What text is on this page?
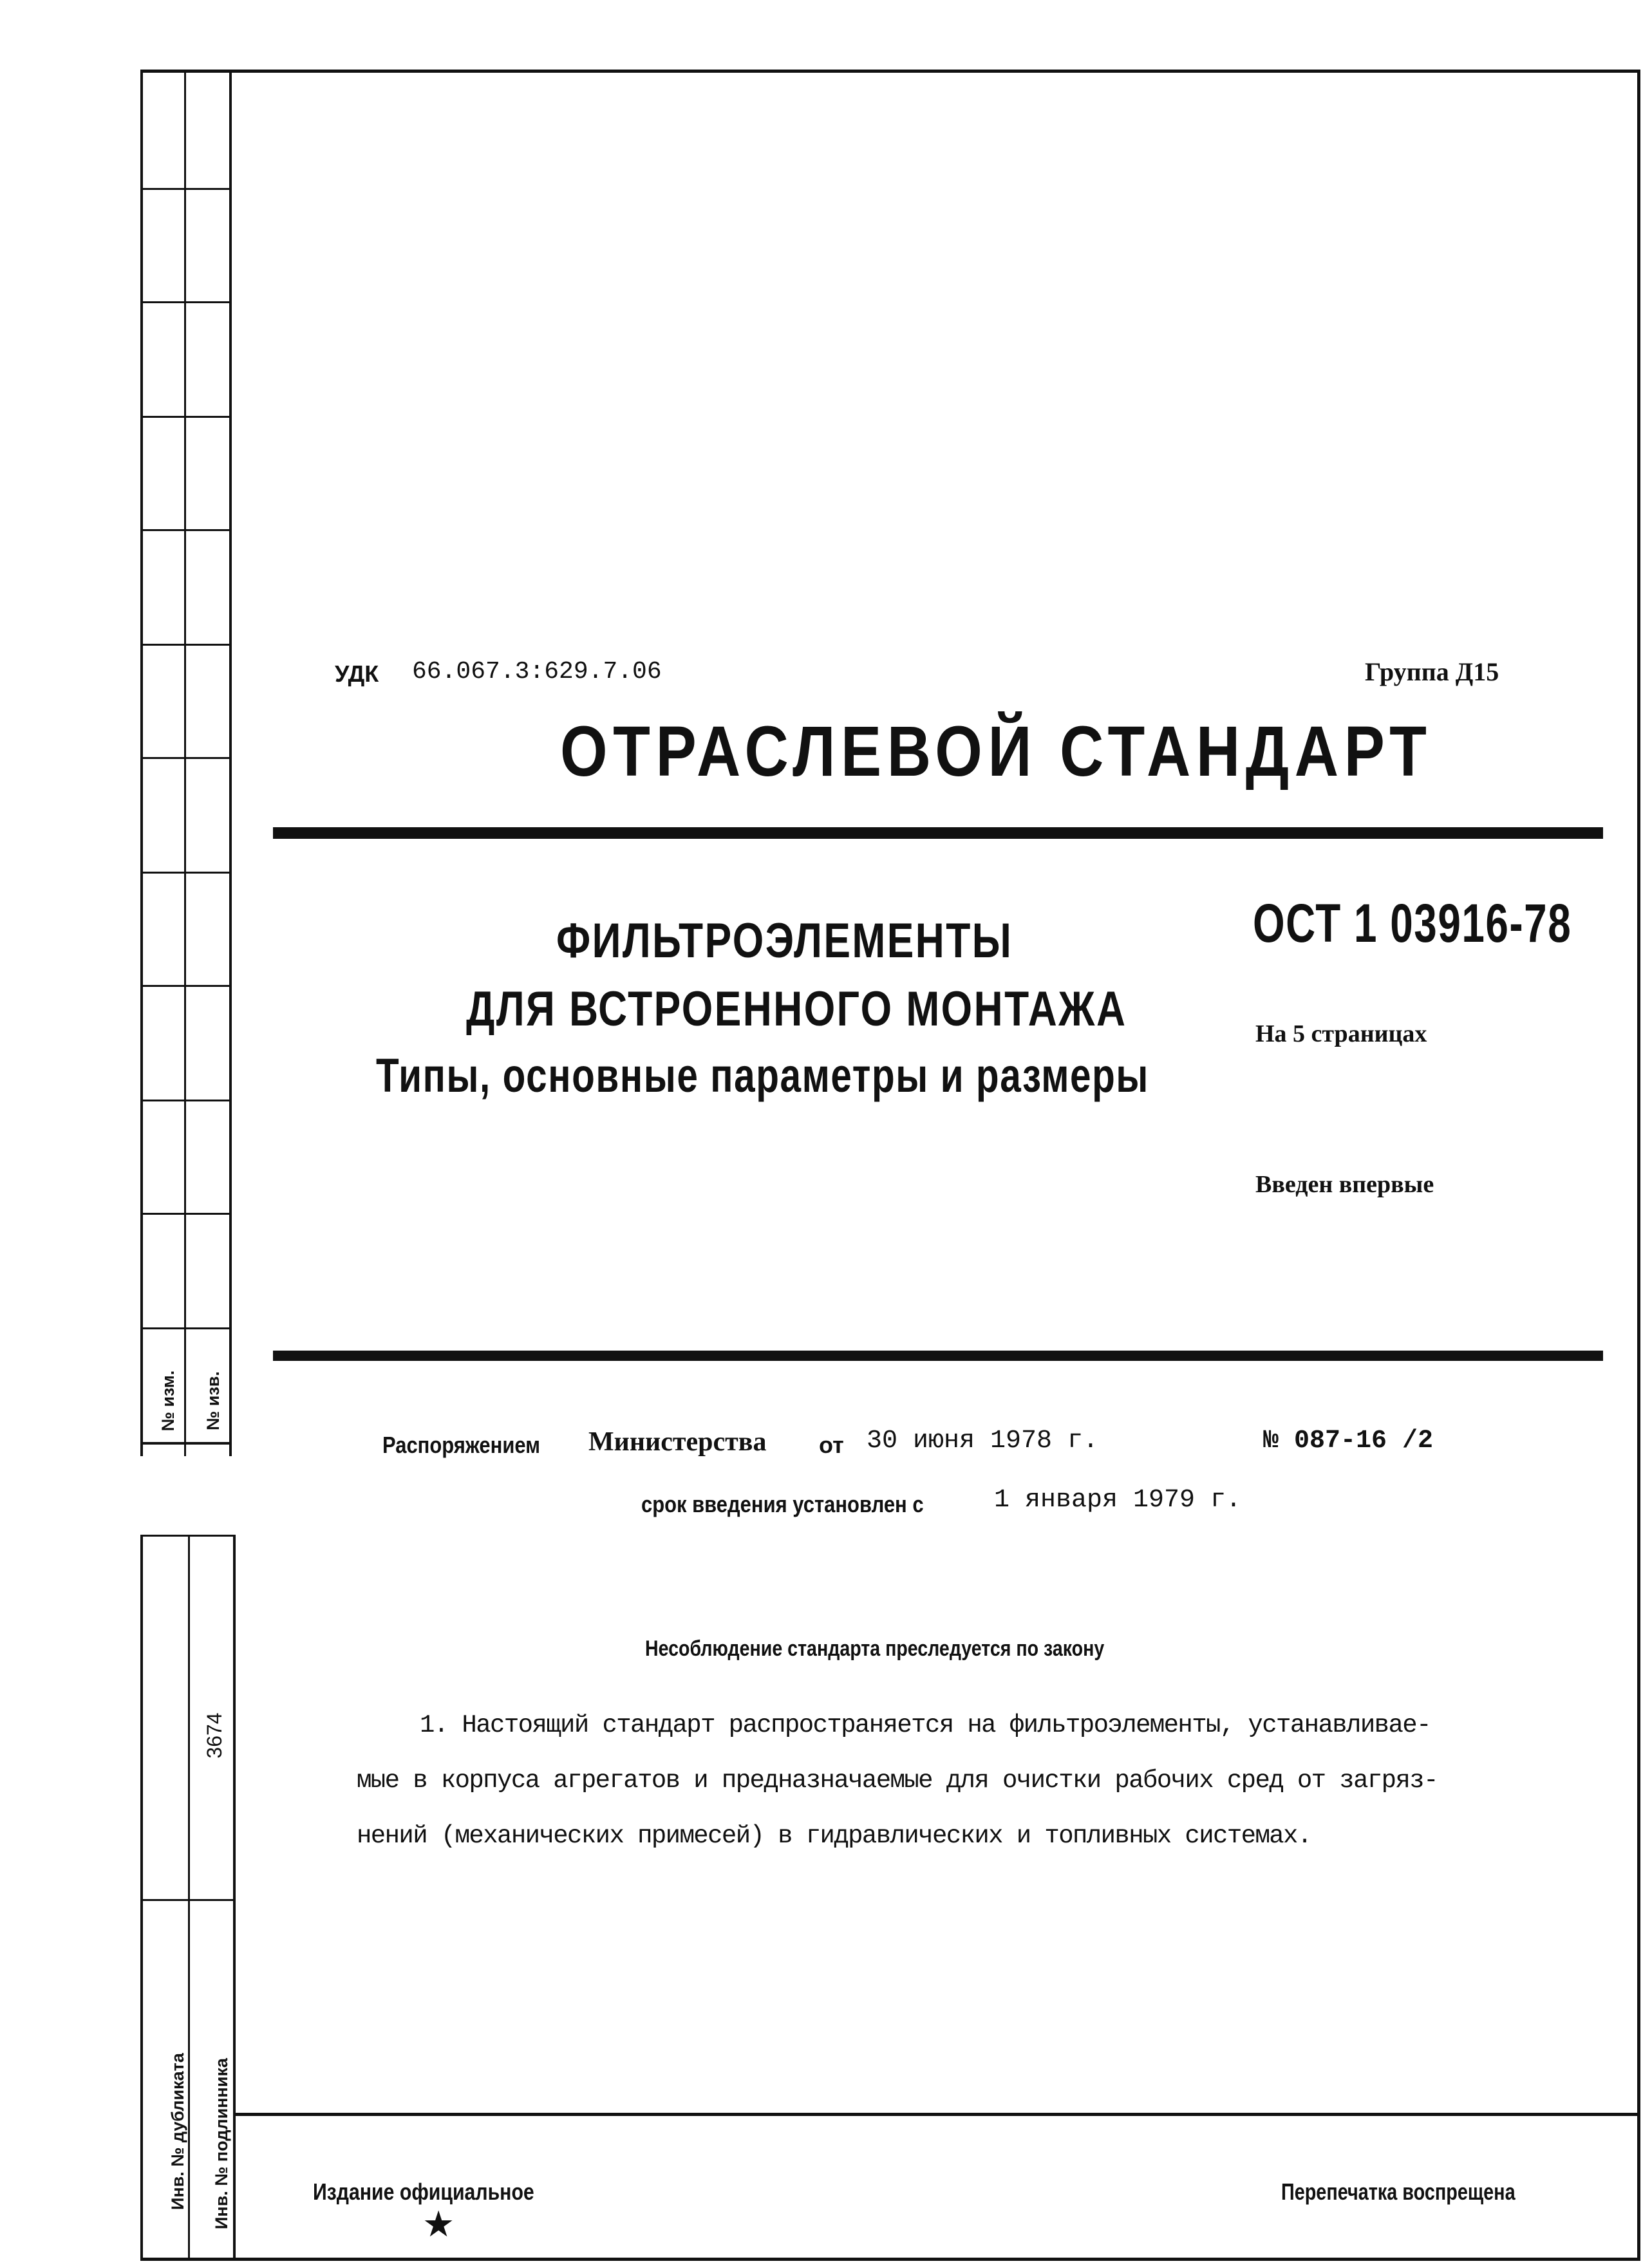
№ изм. № изв.
Инв. № дубликата Инв. № подлинника
3674
УДК 66.067.3:629.7.06	Группа Д15
ОТРАСЛЕВОЙ СТАНДАРТ
ФИЛЬТРОЭЛЕМЕНТЫ
ДЛЯ ВСТРОЕННОГО МОНТАЖА
Типы, основные параметры и размеры
ОСТ 1 03916-78
На 5 страницах
Введен впервые
Распоряжением Министерства от 30 июня 1978 г.	№ 087-16 /2
срок введения установлен с	1 января 1979 г.
Несоблюдение стандарта преследуется по закону
1. Настоящий стандарт распространяется на фильтроэлементы, устанавливае-
мые в корпуса агрегатов и предназначаемые для очистки рабочих сред от загряз-
нений (механических примесей) в гидравлических и топливных системах.
Издание официальное
★
Перепечатка воспрещена
